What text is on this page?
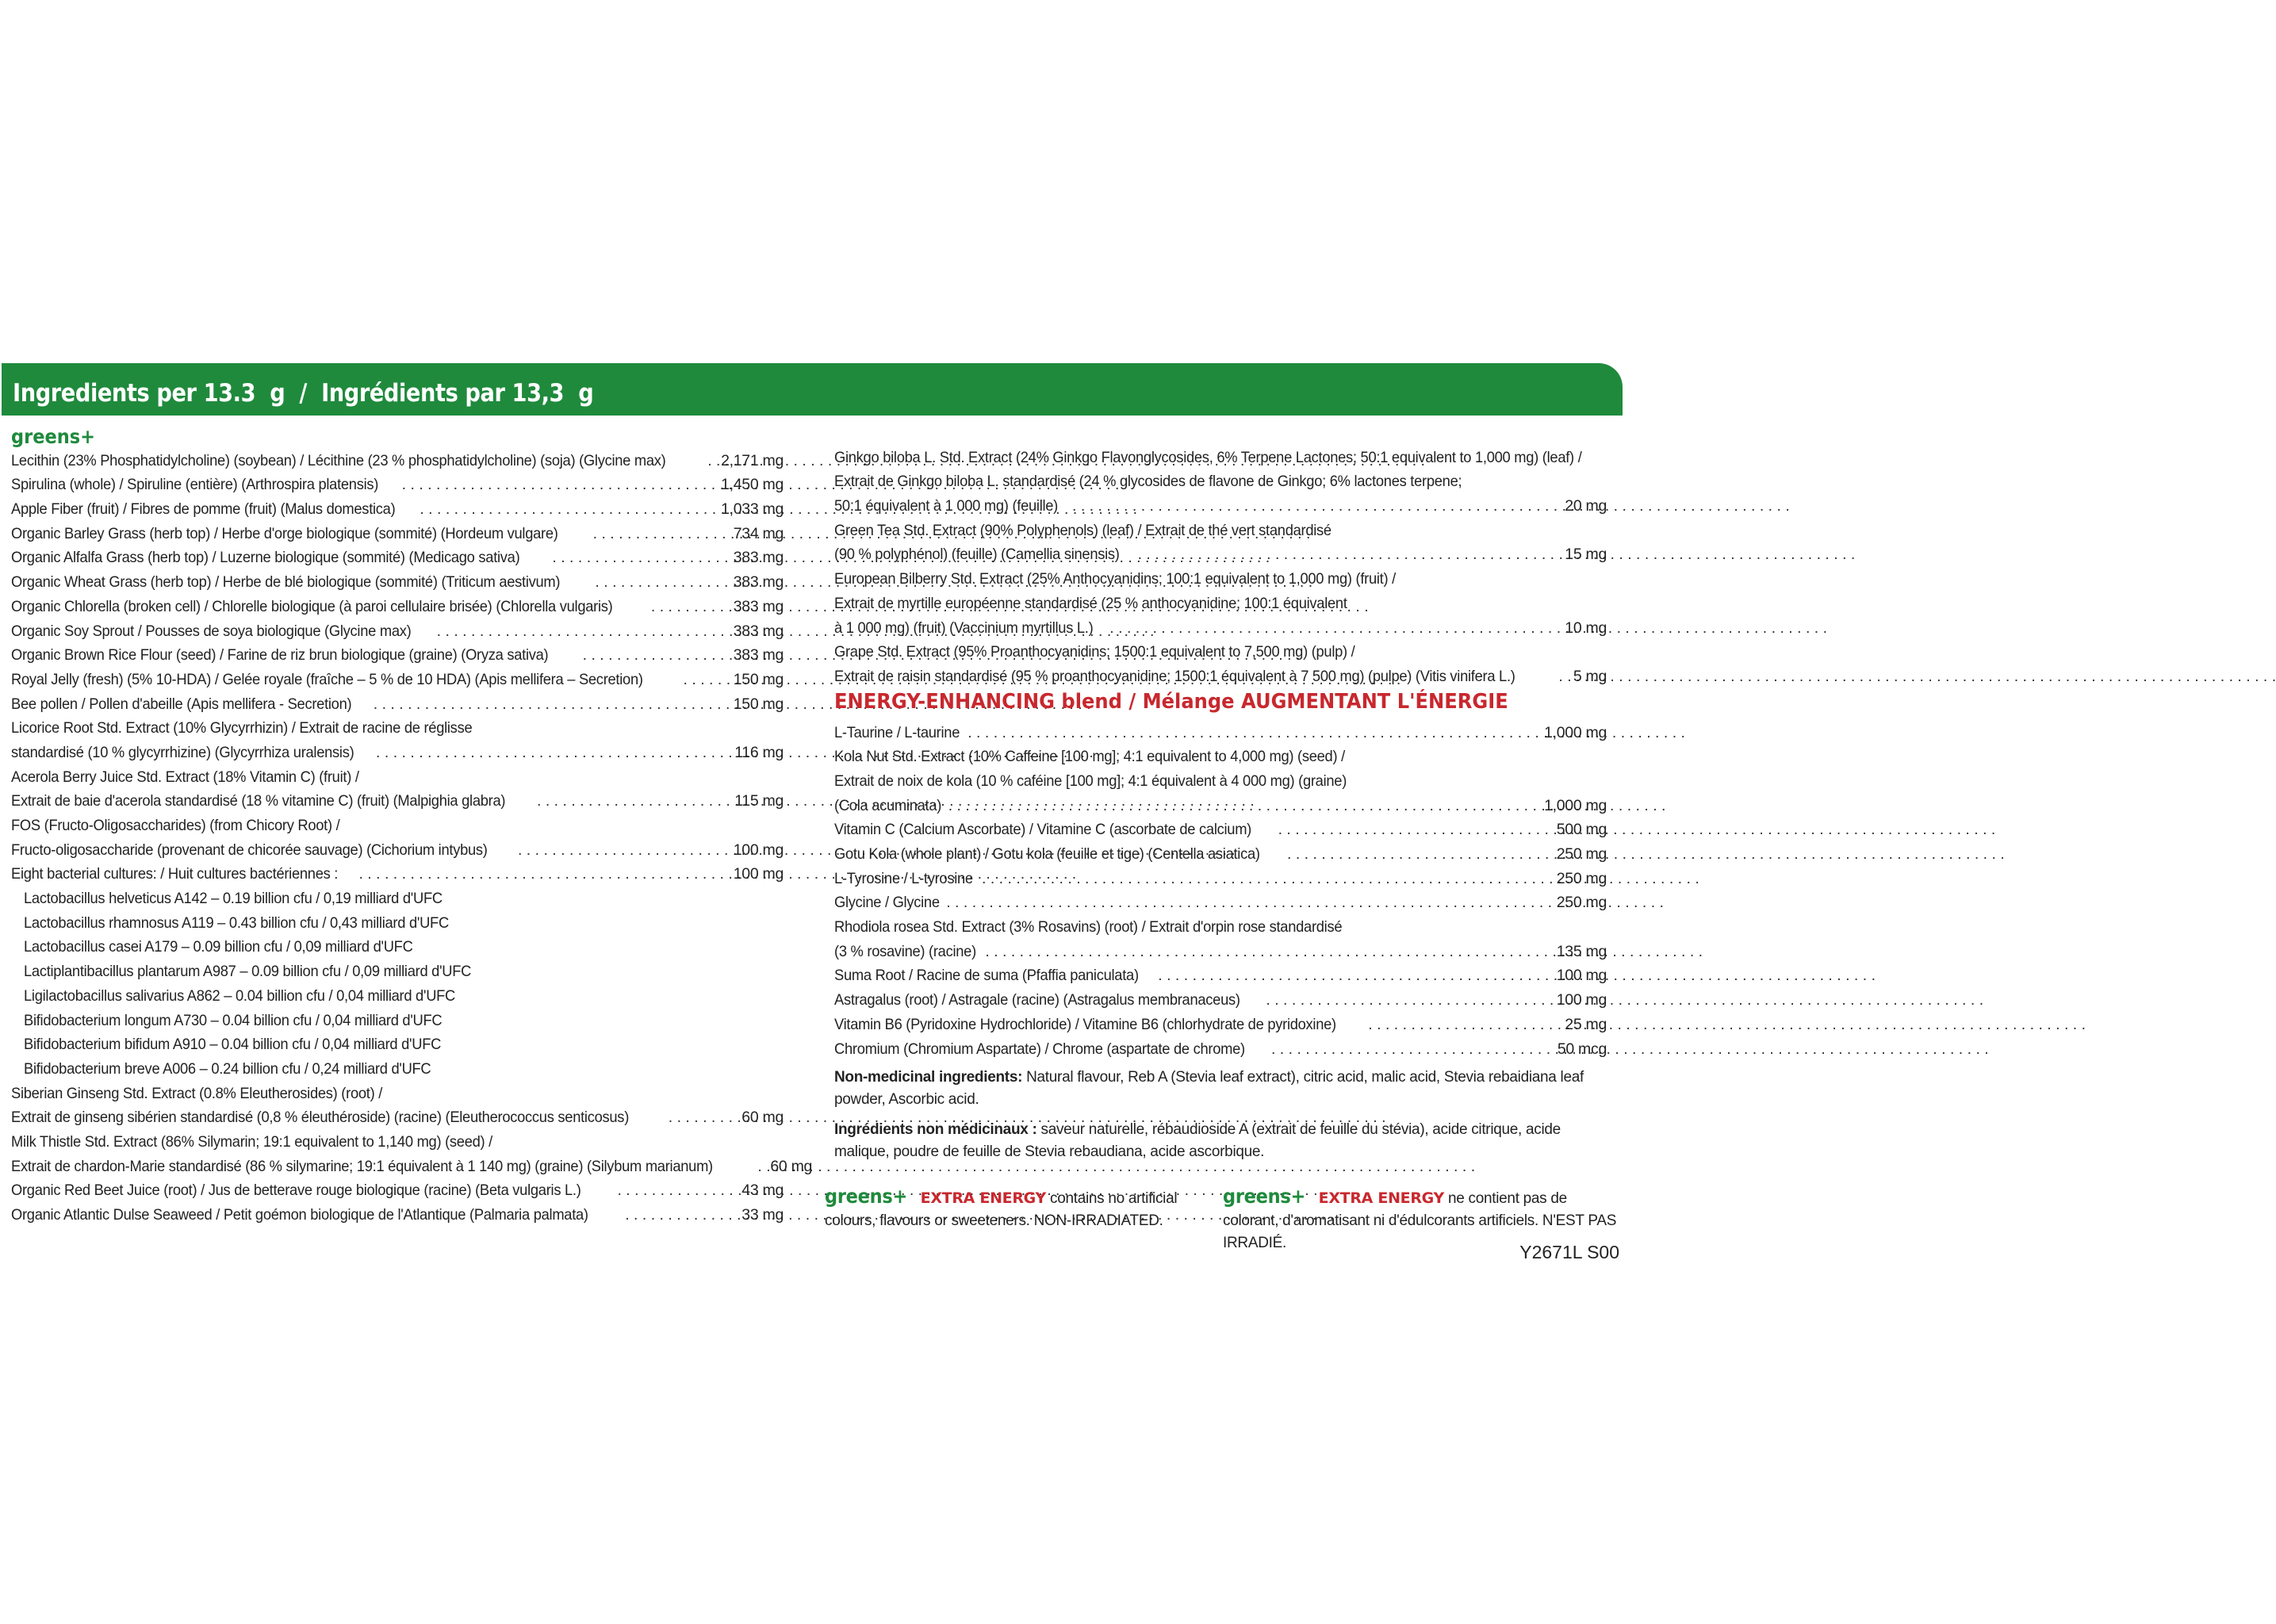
Ingredients per 13.3  g  /  Ingrédients par 13,3  g
greens+
Lecithin (23% Phosphatidylcholine) (soybean) / Lécithine (23 % phosphatidylcholine) (soja) (Glycine max) . . .	2,171 mg
Spirulina (whole) / Spiruline (entière) (Arthrospira platensis) . . .	1,450 mg
Apple Fiber (fruit) / Fibres de pomme (fruit) (Malus domestica) . . .	1,033 mg
Organic Barley Grass (herb top) / Herbe d'orge biologique (sommité) (Hordeum vulgare) . . .	734 mg
Organic Alfalfa Grass (herb top) / Luzerne biologique (sommité) (Medicago sativa) . . .	383 mg
Organic Wheat Grass (herb top) / Herbe de blé biologique (sommité) (Triticum aestivum) . . .	383 mg
Organic Chlorella (broken cell) / Chlorelle biologique (à paroi cellulaire brisée) (Chlorella vulgaris) . . .	383 mg
Organic Soy Sprout / Pousses de soya biologique (Glycine max) . . .	383 mg
Organic Brown Rice Flour (seed) / Farine de riz brun biologique (graine) (Oryza sativa) . . .	383 mg
Royal Jelly (fresh) (5% 10-HDA) / Gelée royale (fraîche – 5 % de 10 HDA) (Apis mellifera – Secretion) . . .	150 mg
Bee pollen / Pollen d'abeille (Apis mellifera - Secretion) . . .	150 mg
Licorice Root Std. Extract (10% Glycyrrhizin) / Extrait de racine de réglisse
standardisé (10 % glycyrrhizine) (Glycyrrhiza uralensis) . . .	116 mg
Acerola Berry Juice Std. Extract (18% Vitamin C) (fruit) /
Extrait de baie d'acerola standardisé (18 % vitamine C) (fruit) (Malpighia glabra) . . .	115 mg
FOS (Fructo-Oligosaccharides) (from Chicory Root) /
Fructo-oligosaccharide (provenant de chicorée sauvage) (Cichorium intybus) . . .	100 mg
Eight bacterial cultures: / Huit cultures bactériennes : . . .	100 mg
Lactobacillus helveticus A142 – 0.19 billion cfu / 0,19 milliard d'UFC
Lactobacillus rhamnosus A119 – 0.43 billion cfu / 0,43 milliard d'UFC
Lactobacillus casei A179 – 0.09 billion cfu / 0,09 milliard d'UFC
Lactiplantibacillus plantarum A987 – 0.09 billion cfu / 0,09 milliard d'UFC
Ligilactobacillus salivarius A862 – 0.04 billion cfu / 0,04 milliard d'UFC
Bifidobacterium longum A730 – 0.04 billion cfu / 0,04 milliard d'UFC
Bifidobacterium bifidum A910 – 0.04 billion cfu / 0,04 milliard d'UFC
Bifidobacterium breve A006 – 0.24 billion cfu / 0,24 milliard d'UFC
Siberian Ginseng Std. Extract (0.8% Eleutherosides) (root) /
Extrait de ginseng sibérien standardisé (0,8 % éleuthéroside) (racine) (Eleutherococcus senticosus) . . .	60 mg
Milk Thistle Std. Extract (86% Silymarin; 19:1 equivalent to 1,140 mg) (seed) /
Extrait de chardon-Marie standardisé (86 % silymarine; 19:1 équivalent à 1 140 mg) (graine) (Silybum marianum) . . .	60 mg
Organic Red Beet Juice (root) / Jus de betterave rouge biologique (racine) (Beta vulgaris L.) . . .	43 mg
Organic Atlantic Dulse Seaweed / Petit goémon biologique de l'Atlantique (Palmaria palmata) . . .	33 mg
Ginkgo biloba L. Std. Extract (24% Ginkgo Flavonglycosides, 6% Terpene Lactones; 50:1 equivalent to 1,000 mg) (leaf) /
Extrait de Ginkgo biloba L. standardisé (24 % glycosides de flavone de Ginkgo; 6% lactones terpene;
50:1 équivalent à 1 000 mg) (feuille) . . .	20 mg
Green Tea Std. Extract (90% Polyphenols) (leaf) / Extrait de thé vert standardisé
(90 % polyphénol) (feuille) (Camellia sinensis) . . .	15 mg
European Bilberry Std. Extract (25% Anthocyanidins; 100:1 equivalent to 1,000 mg) (fruit) /
Extrait de myrtille européenne standardisé (25 % anthocyanidine; 100:1 équivalent
à 1 000 mg) (fruit) (Vaccinium myrtillus L.) . . .	10 mg
Grape Std. Extract (95% Proanthocyanidins; 1500:1 equivalent to 7,500 mg) (pulp) /
Extrait de raisin standardisé (95 % proanthocyanidine; 1500:1 équivalent à 7 500 mg) (pulpe) (Vitis vinifera L.) . . .	5 mg
ENERGY-ENHANCING blend / Mélange AUGMENTANT L'ÉNERGIE
L-Taurine / L-taurine . . .	1,000 mg
Kola Nut Std. Extract (10% Caffeine [100 mg]; 4:1 equivalent to 4,000 mg) (seed) /
Extrait de noix de kola (10 % caféine [100 mg]; 4:1 équivalent à 4 000 mg) (graine)
(Cola acuminata) . . .	1,000 mg
Vitamin C (Calcium Ascorbate) / Vitamine C (ascorbate de calcium) . . .	500 mg
Gotu Kola (whole plant) / Gotu kola (feuille et tige) (Centella asiatica) . . .	250 mg
L-Tyrosine / L-tyrosine . . .	250 mg
Glycine / Glycine . . .	250 mg
Rhodiola rosea Std. Extract (3% Rosavins) (root) / Extrait d'orpin rose standardisé
(3 % rosavine) (racine) . . .	135 mg
Suma Root / Racine de suma (Pfaffia paniculata) . . .	100 mg
Astragalus (root) / Astragale (racine) (Astragalus membranaceus) . . .	100 mg
Vitamin B6 (Pyridoxine Hydrochloride) / Vitamine B6 (chlorhydrate de pyridoxine) . . .	25 mg
Chromium (Chromium Aspartate) / Chrome (aspartate de chrome) . . .	50 mcg
Non-medicinal ingredients: Natural flavour, Reb A (Stevia leaf extract), citric acid, malic acid, Stevia rebaidiana leaf powder, Ascorbic acid.
Ingrédients non médicinaux : saveur naturelle, rébaudioside A (extrait de feuille du stévia), acide citrique, acide malique, poudre de feuille de Stevia rebaudiana, acide ascorbique.
greens+ EXTRA ENERGY contains no artificial colours, flavours or sweeteners. NON-IRRADIATED.
greens+ EXTRA ENERGY ne contient pas de colorant, d'aromatisant ni d'édulcorants artificiels. N'EST PAS IRRADIÉ.	Y2671L S00
